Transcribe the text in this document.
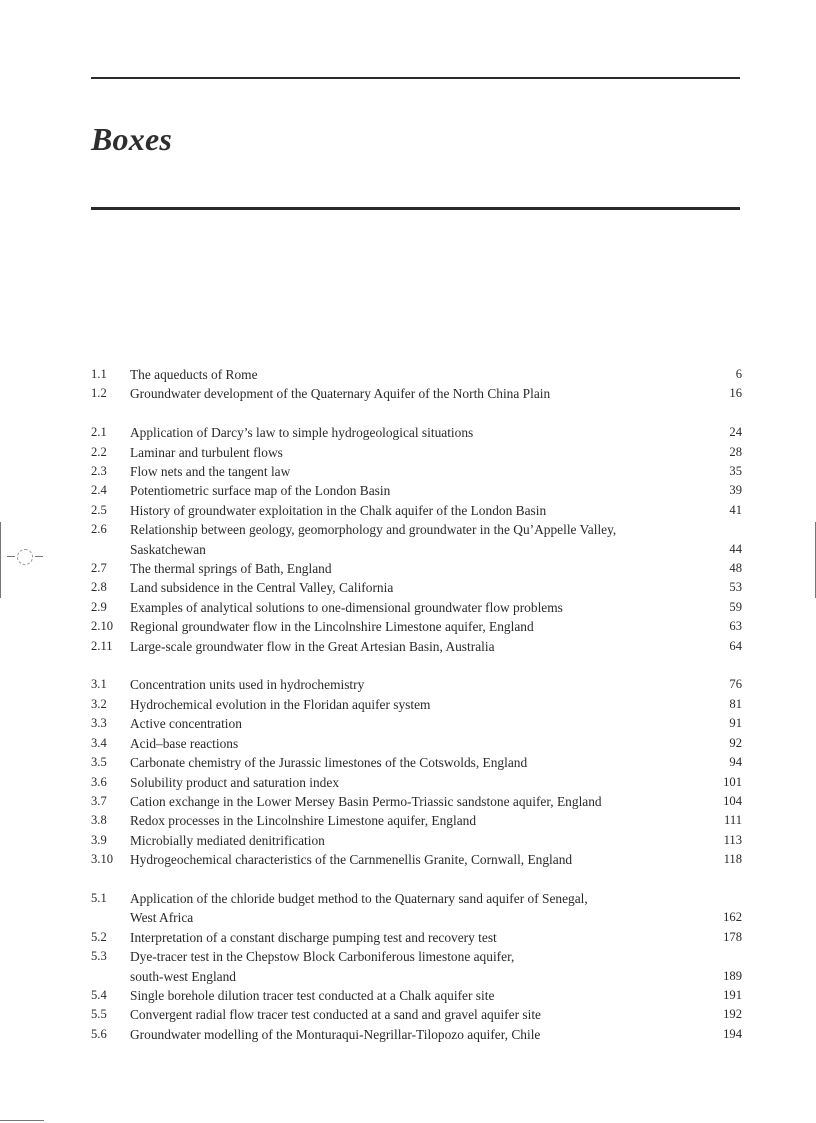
Boxes
1.1	The aqueducts of Rome	6
1.2	Groundwater development of the Quaternary Aquifer of the North China Plain	16
2.1	Application of Darcy’s law to simple hydrogeological situations	24
2.2	Laminar and turbulent flows	28
2.3	Flow nets and the tangent law	35
2.4	Potentiometric surface map of the London Basin	39
2.5	History of groundwater exploitation in the Chalk aquifer of the London Basin	41
2.6	Relationship between geology, geomorphology and groundwater in the Qu’Appelle Valley,
Saskatchewan	44
2.7	The thermal springs of Bath, England	48
2.8	Land subsidence in the Central Valley, California	53
2.9	Examples of analytical solutions to one-dimensional groundwater flow problems	59
2.10	Regional groundwater flow in the Lincolnshire Limestone aquifer, England	63
2.11	Large-scale groundwater flow in the Great Artesian Basin, Australia	64
3.1	Concentration units used in hydrochemistry	76
3.2	Hydrochemical evolution in the Floridan aquifer system	81
3.3	Active concentration	91
3.4	Acid–base reactions	92
3.5	Carbonate chemistry of the Jurassic limestones of the Cotswolds, England	94
3.6	Solubility product and saturation index	101
3.7	Cation exchange in the Lower Mersey Basin Permo-Triassic sandstone aquifer, England	104
3.8	Redox processes in the Lincolnshire Limestone aquifer, England	111
3.9	Microbially mediated denitrification	113
3.10	Hydrogeochemical characteristics of the Carnmenellis Granite, Cornwall, England	118
5.1	Application of the chloride budget method to the Quaternary sand aquifer of Senegal,
West Africa	162
5.2	Interpretation of a constant discharge pumping test and recovery test	178
5.3	Dye-tracer test in the Chepstow Block Carboniferous limestone aquifer,
south-west England	189
5.4	Single borehole dilution tracer test conducted at a Chalk aquifer site	191
5.5	Convergent radial flow tracer test conducted at a sand and gravel aquifer site	192
5.6	Groundwater modelling of the Monturaqui-Negrillar-Tilopozo aquifer, Chile	194
